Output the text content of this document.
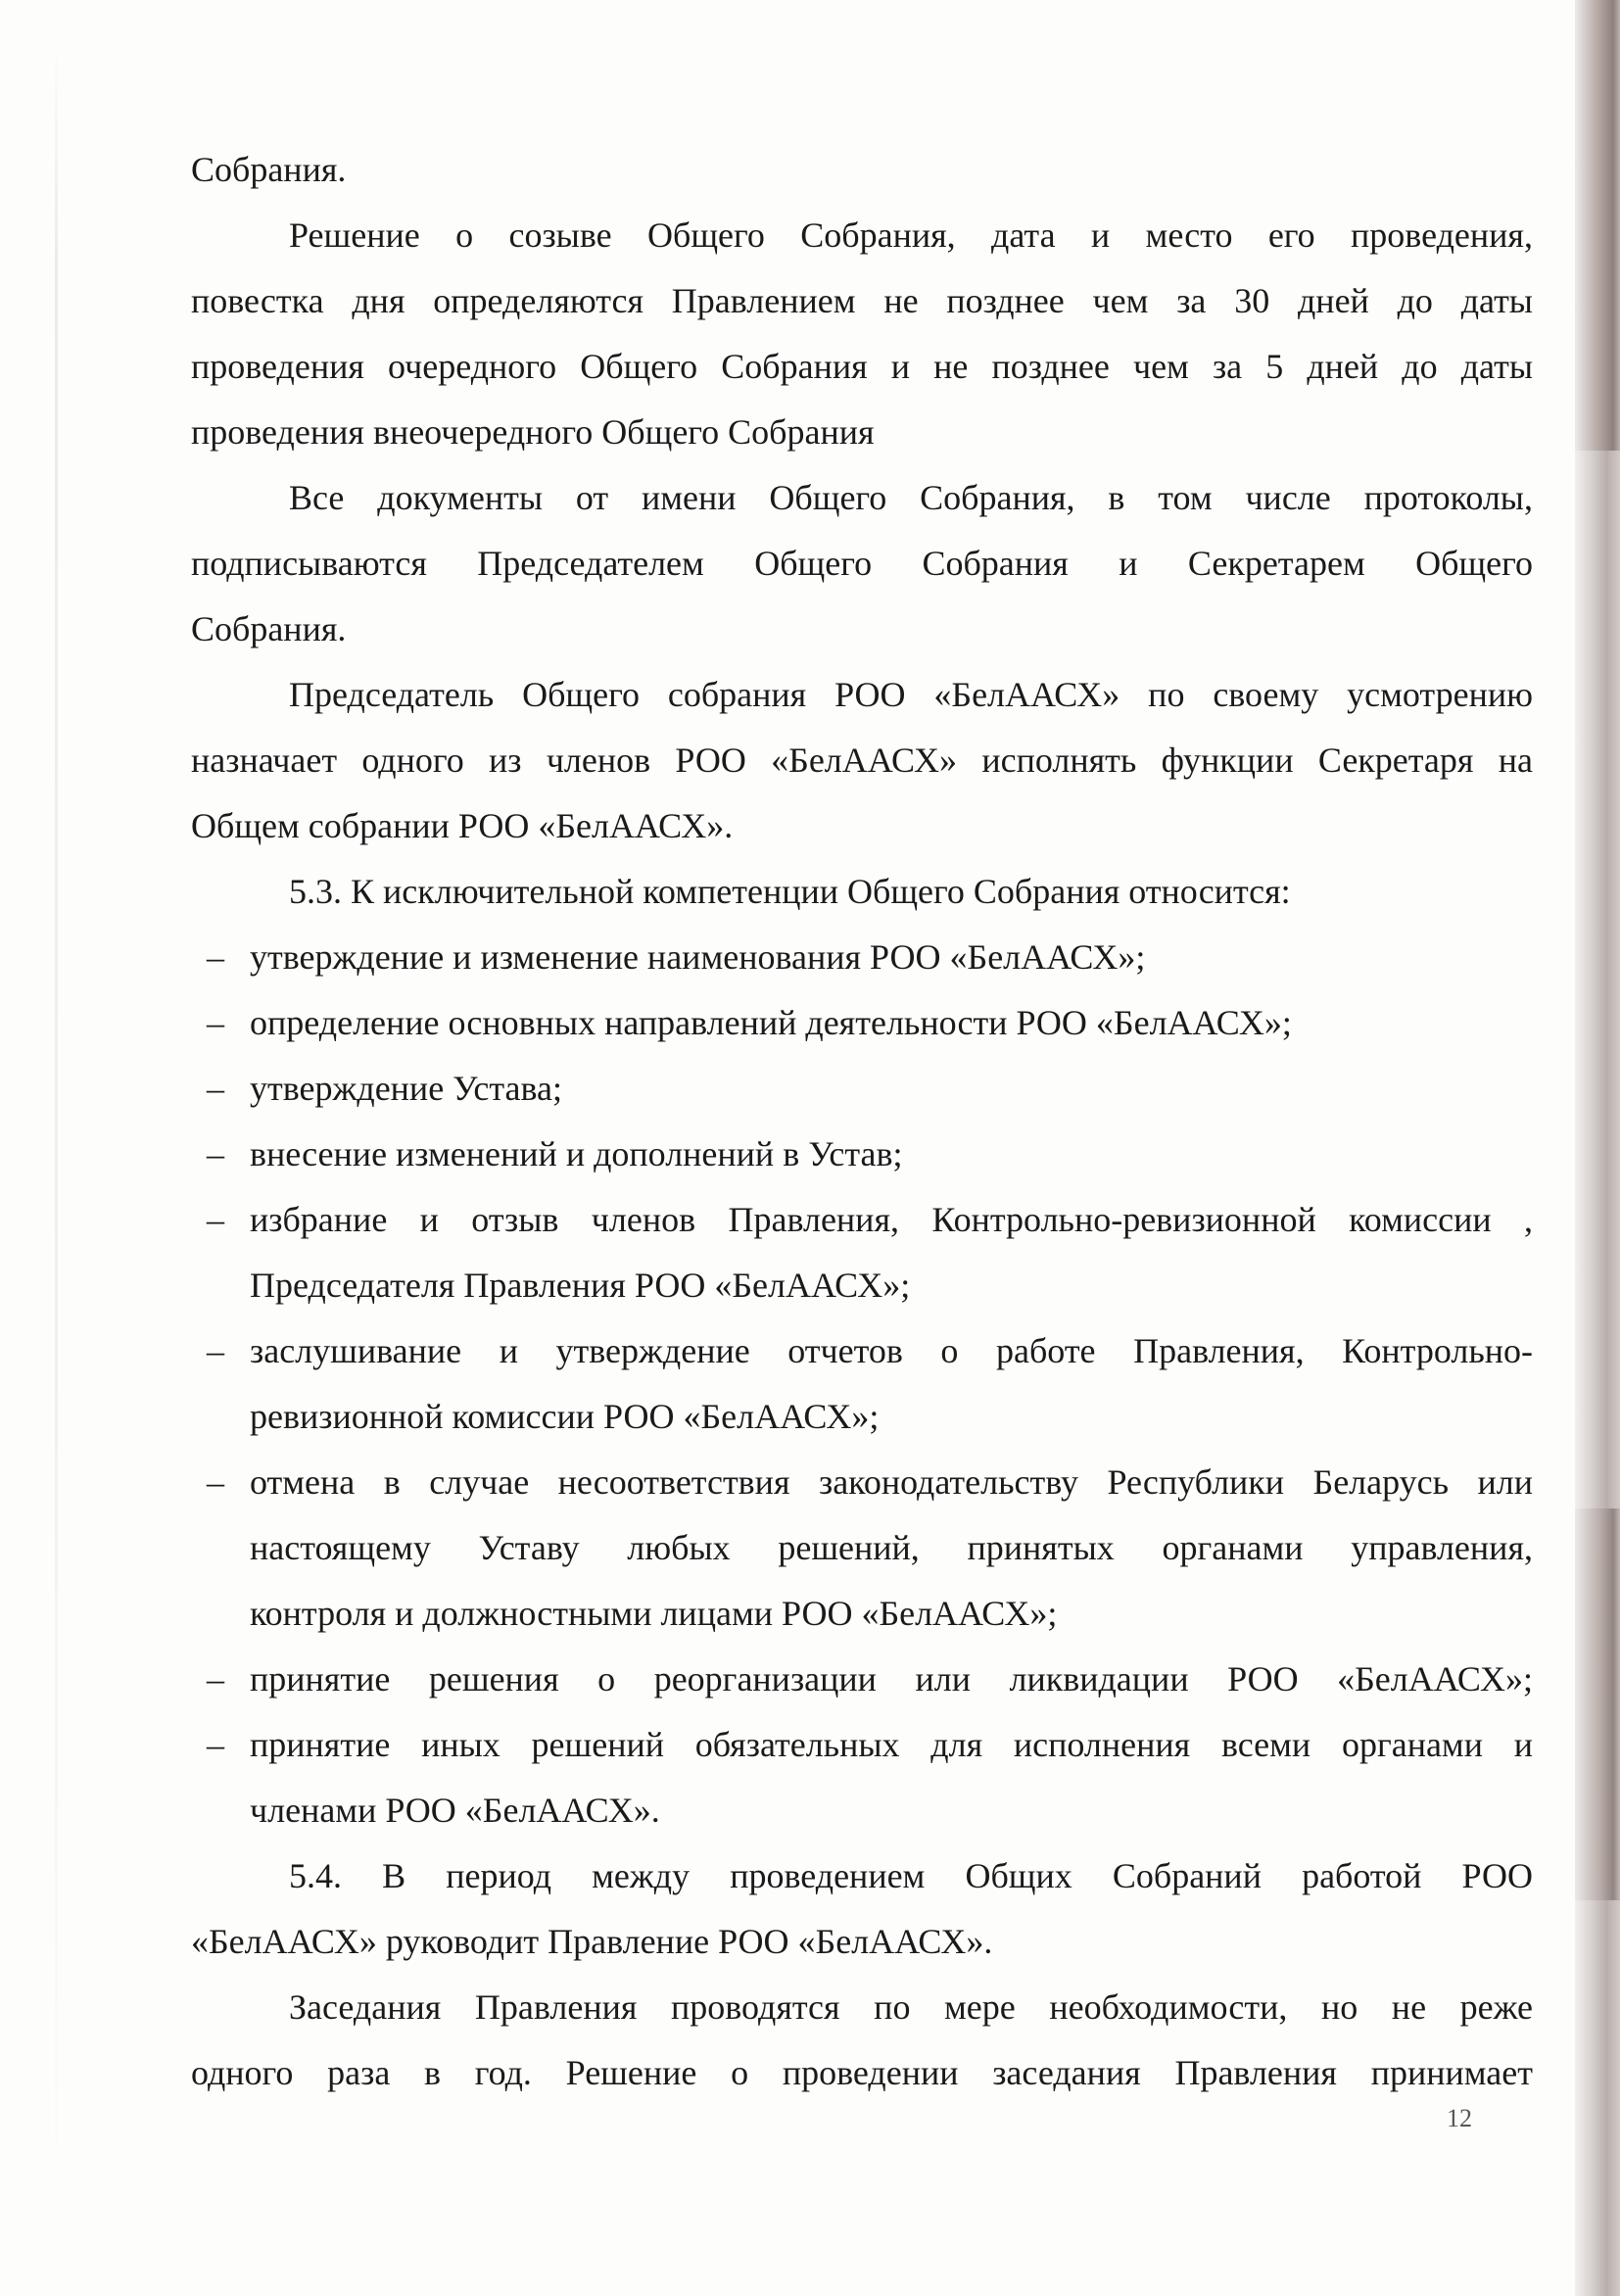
Собрания.
Решение о созыве Общего Собрания, дата и место его проведения,
повестка дня определяются Правлением не позднее чем за 30 дней до даты
проведения очередного Общего Собрания и не позднее чем за 5 дней до даты
проведения внеочередного Общего Собрания
Все документы от имени Общего Собрания, в том числе протоколы,
подписываются Председателем Общего Собрания и Секретарем Общего
Собрания.
Председатель Общего собрания РОО «БелААСХ» по своему усмотрению
назначает одного из членов РОО «БелААСХ» исполнять функции Секретаря на
Общем собрании РОО «БелААСХ».
5.3. К исключительной компетенции Общего Собрания относится:
– утверждение и изменение наименования РОО «БелААСХ»;
– определение основных направлений деятельности РОО «БелААСХ»;
– утверждение Устава;
– внесение изменений и дополнений в Устав;
– избрание и отзыв членов Правления, Контрольно-ревизионной комиссии ,
Председателя Правления РОО «БелААСХ»;
– заслушивание и утверждение отчетов о работе Правления, Контрольно-
ревизионной комиссии РОО «БелААСХ»;
– отмена в случае несоответствия законодательству Республики Беларусь или
настоящему Уставу любых решений, принятых органами управления,
контроля и должностными лицами РОО «БелААСХ»;
– принятие решения о реорганизации или ликвидации РОО «БелААСХ»;
– принятие иных решений обязательных для исполнения всеми органами и
членами РОО «БелААСХ».
5.4. В период между проведением Общих Собраний работой РОО
«БелААСХ» руководит Правление РОО «БелААСХ».
Заседания Правления проводятся по мере необходимости, но не реже
одного раза в год. Решение о проведении заседания Правления принимает
12
